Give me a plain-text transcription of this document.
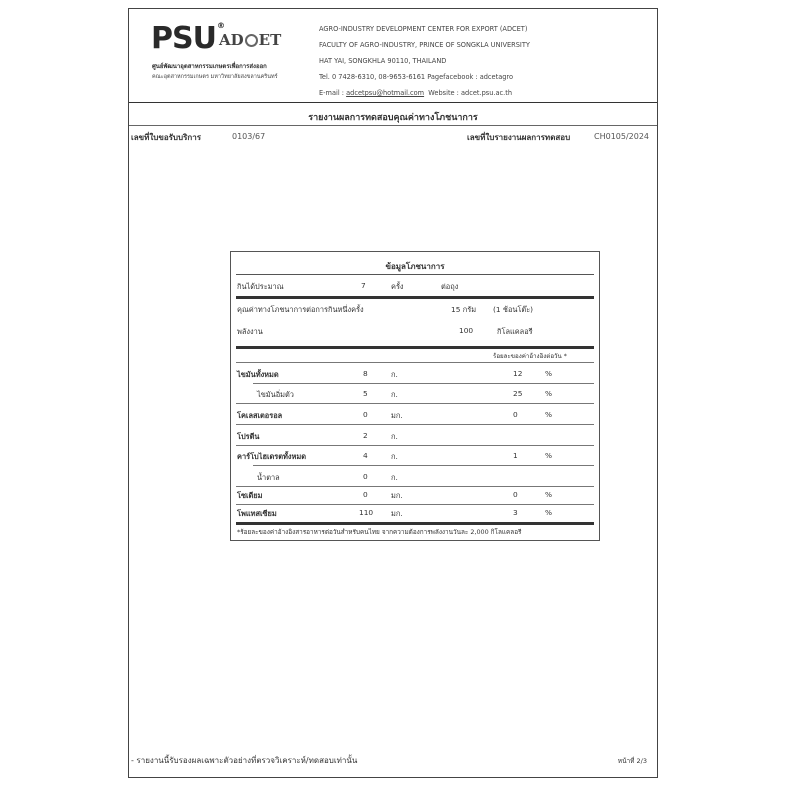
PSU®
AD ET
ศูนย์พัฒนาอุตสาหกรรมเกษตรเพื่อการส่งออก
คณะอุตสาหกรรมเกษตร มหาวิทยาลัยสงขลานครินทร์
AGRO-INDUSTRY DEVELOPMENT CENTER FOR EXPORT (ADCET)
FACULTY OF AGRO-INDUSTRY, PRINCE OF SONGKLA UNIVERSITY
HAT YAI, SONGKHLA 90110, THAILAND
Tel. 0 7428-6310, 08-9653-6161 Pagefacebook : adcetagro
E-mail : adcetpsu@hotmail.com Website : adcet.psu.ac.th
รายงานผลการทดสอบคุณค่าทางโภชนาการ
เลขที่ใบขอรับบริการ	0103/67	เลขที่ใบรายงานผลการทดสอบ	CH0105/2024
ข้อมูลโภชนาการ
กินได้ประมาณ	7	ครั้ง	ต่อถุง
คุณค่าทางโภชนาการต่อการกินหนึ่งครั้ง	15 กรัม (1 ช้อนโต๊ะ)
พลังงาน	100	กิโลแคลอรี
ร้อยละของค่าอ้างอิงต่อวัน *
*ร้อยละของค่าอ้างอิงสารอาหารต่อวันสำหรับคนไทย จากความต้องการพลังงานวันละ 2,000 กิโลแคลอรี
ไขมันทั้งหมด	8	ก.	12	%
ไขมันอิ่มตัว	5	ก.	25	%
โคเลสเตอรอล	0	มก.	0	%
โปรตีน	2	ก.
คาร์โบไฮเดรตทั้งหมด	4	ก.	1	%
น้ำตาล	0	ก.
โซเดียม	0	มก.	0	%
โพแทสเซียม	110 มก.	3	%
- รายงานนี้รับรองผลเฉพาะตัวอย่างที่ตรวจวิเคราะห์/ทดสอบเท่านั้น	หน้าที่ 2/3
